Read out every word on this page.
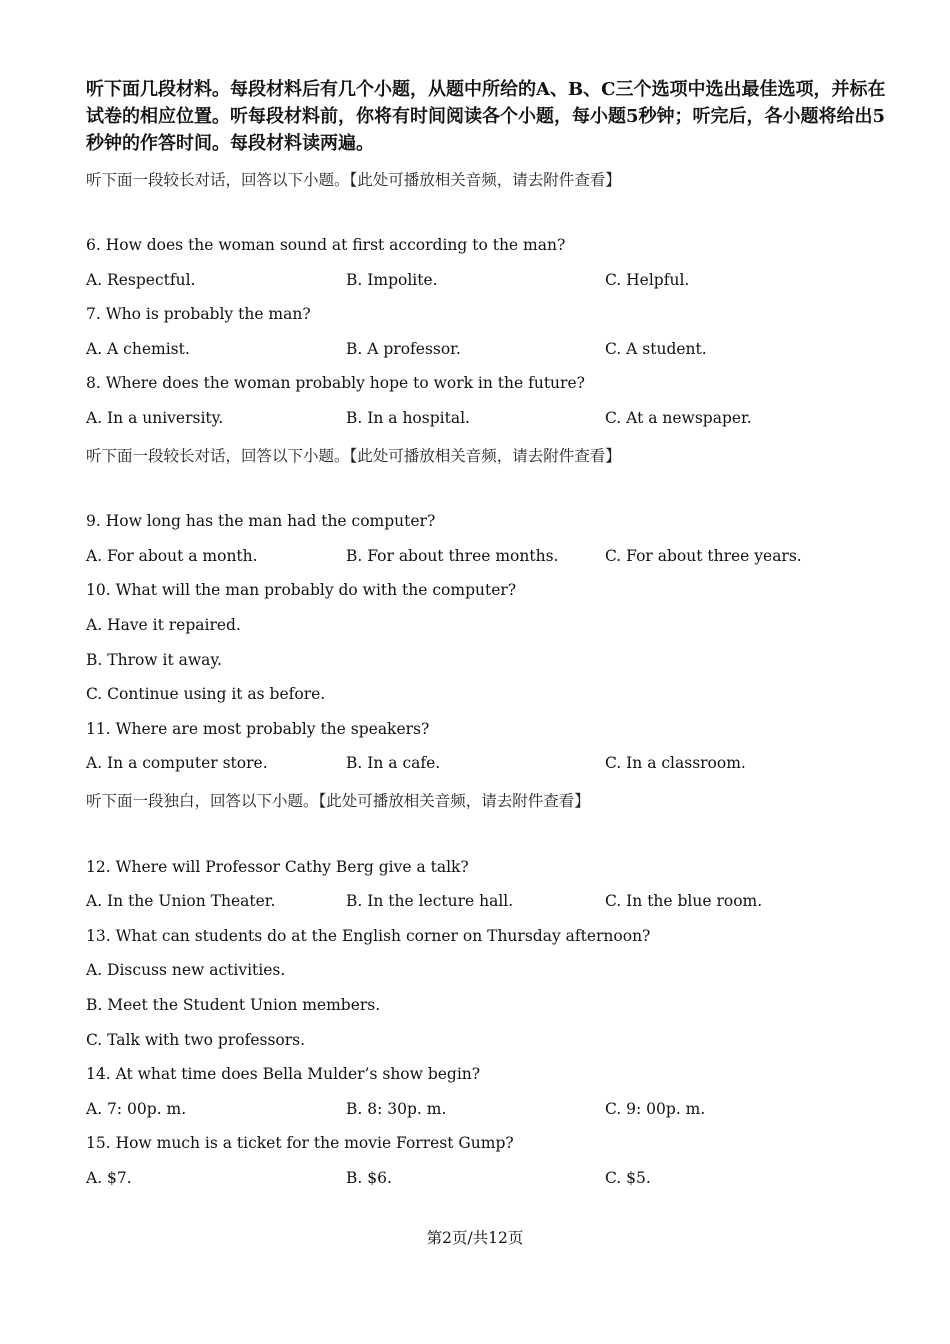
听下面几段材料。每段材料后有几个小题，从题中所给的A、B、C三个选项中选出最佳选项，并标在试卷的相应位置。听每段材料前，你将有时间阅读各个小题，每小题5秒钟；听完后，各小题将给出5秒钟的作答时间。每段材料读两遍。
听下面一段较长对话，回答以下小题。【此处可播放相关音频，请去附件查看】
6. How does the woman sound at first according to the man?
A. Respectful.	B. Impolite.	C. Helpful.
7. Who is probably the man?
A. A chemist.	B. A professor.	C. A student.
8. Where does the woman probably hope to work in the future?
A. In a university.	B. In a hospital.	C. At a newspaper.
听下面一段较长对话，回答以下小题。【此处可播放相关音频，请去附件查看】
9. How long has the man had the computer?
A. For about a month.	B. For about three months.	C. For about three years.
10. What will the man probably do with the computer?
A. Have it repaired.
B. Throw it away.
C. Continue using it as before.
11. Where are most probably the speakers?
A. In a computer store.	B. In a cafe.	C. In a classroom.
听下面一段独白，回答以下小题。【此处可播放相关音频，请去附件查看】
12. Where will Professor Cathy Berg give a talk?
A. In the Union Theater.	B. In the lecture hall.	C. In the blue room.
13. What can students do at the English corner on Thursday afternoon?
A. Discuss new activities.
B. Meet the Student Union members.
C. Talk with two professors.
14. At what time does Bella Mulder’s show begin?
A. 7: 00p. m.	B. 8: 30p. m.	C. 9: 00p. m.
15. How much is a ticket for the movie Forrest Gump?
A. $7.	B. $6.	C. $5.
第2页/共12页
